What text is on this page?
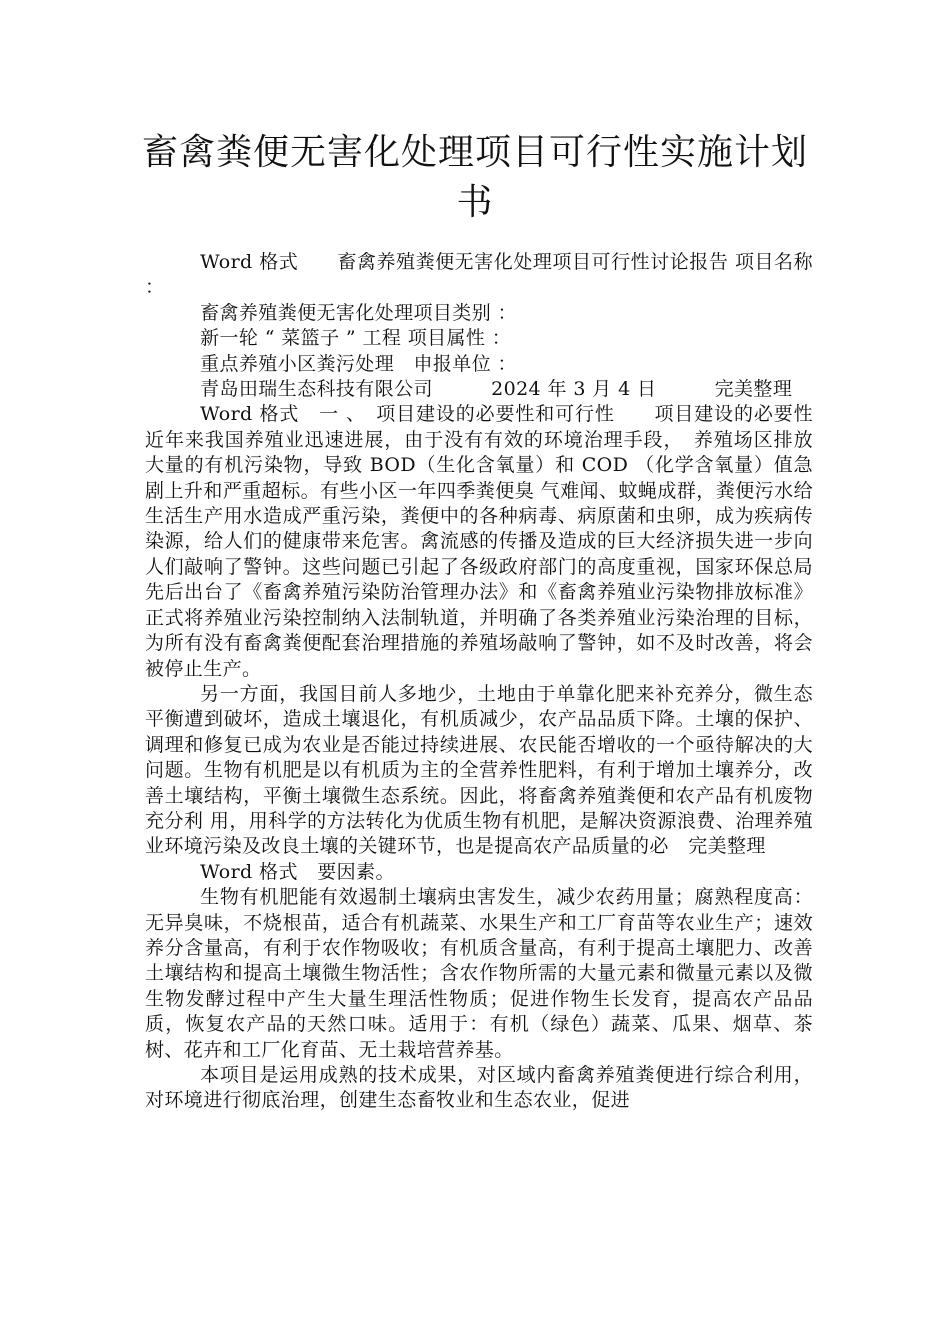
畜禽粪便无害化处理项目可行性实施计划书

Word 格式　　畜禽养殖粪便无害化处理项目可行性讨论报告 项目名称 ：

畜禽养殖粪便无害化处理项目类别 ：

新一轮 “ 菜篮子 ” 工程 项目属性 ：

重点养殖小区粪污处理　申报单位 ：

青岛田瑞生态科技有限公司　　　2024 年 3 月 4 日　　　完美整理

Word 格式　一 、　项目建设的必要性和可行性　　项目建设的必要性　近年来我国养殖业迅速进展，由于没有有效的环境治理手段，　养殖场区排放大量的有机污染物，导致 BOD（生化含氧量）和 COD （化学含氧量）值急剧上升和严重超标。有些小区一年四季粪便臭 气难闻、蚊蝇成群，粪便污水给生活生产用水造成严重污染，粪便中的各种病毒、病原菌和虫卵，成为疾病传染源，给人们的健康带来危害。禽流感的传播及造成的巨大经济损失进一步向人们敲响了警钟。这些问题已引起了各级政府部门的高度重视，国家环保总局先后出台了《畜禽养殖污染防治管理办法》和《畜禽养殖业污染物排放标准》正式将养殖业污染控制纳入法制轨道，并明确了各类养殖业污染治理的目标，为所有没有畜禽粪便配套治理措施的养殖场敲响了警钟，如不及时改善，将会被停止生产。

另一方面，我国目前人多地少，土地由于单靠化肥来补充养分，微生态平衡遭到破坏，造成土壤退化，有机质减少，农产品品质下降。土壤的保护、调理和修复已成为农业是否能过持续进展、农民能否增收的一个亟待解决的大问题。生物有机肥是以有机质为主的全营养性肥料，有利于增加土壤养分，改善土壤结构，平衡土壤微生态系统。因此，将畜禽养殖粪便和农产品有机废物充分利 用，用科学的方法转化为优质生物有机肥，是解决资源浪费、治理养殖业环境污染及改良土壤的关键环节，也是提高农产品质量的必　完美整理

Word 格式　要因素。

生物有机肥能有效遏制土壤病虫害发生，减少农药用量；腐熟程度高：无异臭味，不烧根苗，适合有机蔬菜、水果生产和工厂育苗等农业生产；速效养分含量高，有利于农作物吸收；有机质含量高，有利于提高土壤肥力、改善土壤结构和提高土壤微生物活性；含农作物所需的大量元素和微量元素以及微生物发酵过程中产生大量生理活性物质；促进作物生长发育，提高农产品品质，恢复农产品的天然口味。适用于：有机（绿色）蔬菜、瓜果、烟草、茶树、花卉和工厂化育苗、无土栽培营养基。

本项目是运用成熟的技术成果，对区域内畜禽养殖粪便进行综合利用，对环境进行彻底治理，创建生态畜牧业和生态农业，促进
